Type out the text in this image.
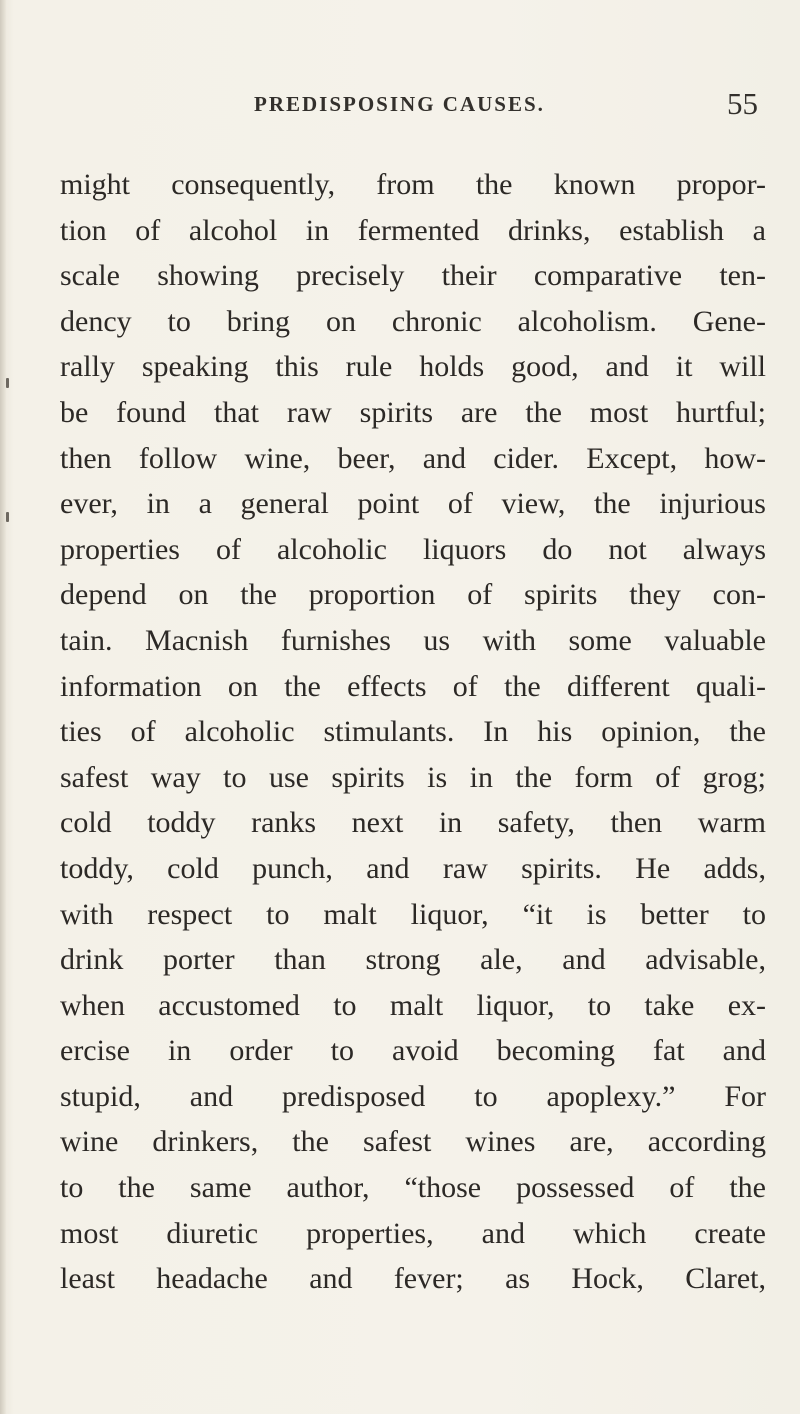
PREDISPOSING CAUSES.	55
might consequently, from the known propor-
tion of alcohol in fermented drinks, establish a
scale showing precisely their comparative ten-
dency to bring on chronic alcoholism. Gene-
rally speaking this rule holds good, and it will
be found that raw spirits are the most hurtful;
then follow wine, beer, and cider. Except, how-
ever, in a general point of view, the injurious
properties of alcoholic liquors do not always
depend on the proportion of spirits they con-
tain. Macnish furnishes us with some valuable
information on the effects of the different quali-
ties of alcoholic stimulants. In his opinion, the
safest way to use spirits is in the form of grog;
cold toddy ranks next in safety, then warm
toddy, cold punch, and raw spirits. He adds,
with respect to malt liquor, “it is better to
drink porter than strong ale, and advisable,
when accustomed to malt liquor, to take ex-
ercise in order to avoid becoming fat and
stupid, and predisposed to apoplexy.” For
wine drinkers, the safest wines are, according
to the same author, “those possessed of the
most diuretic properties, and which create
least headache and fever; as Hock, Claret,
